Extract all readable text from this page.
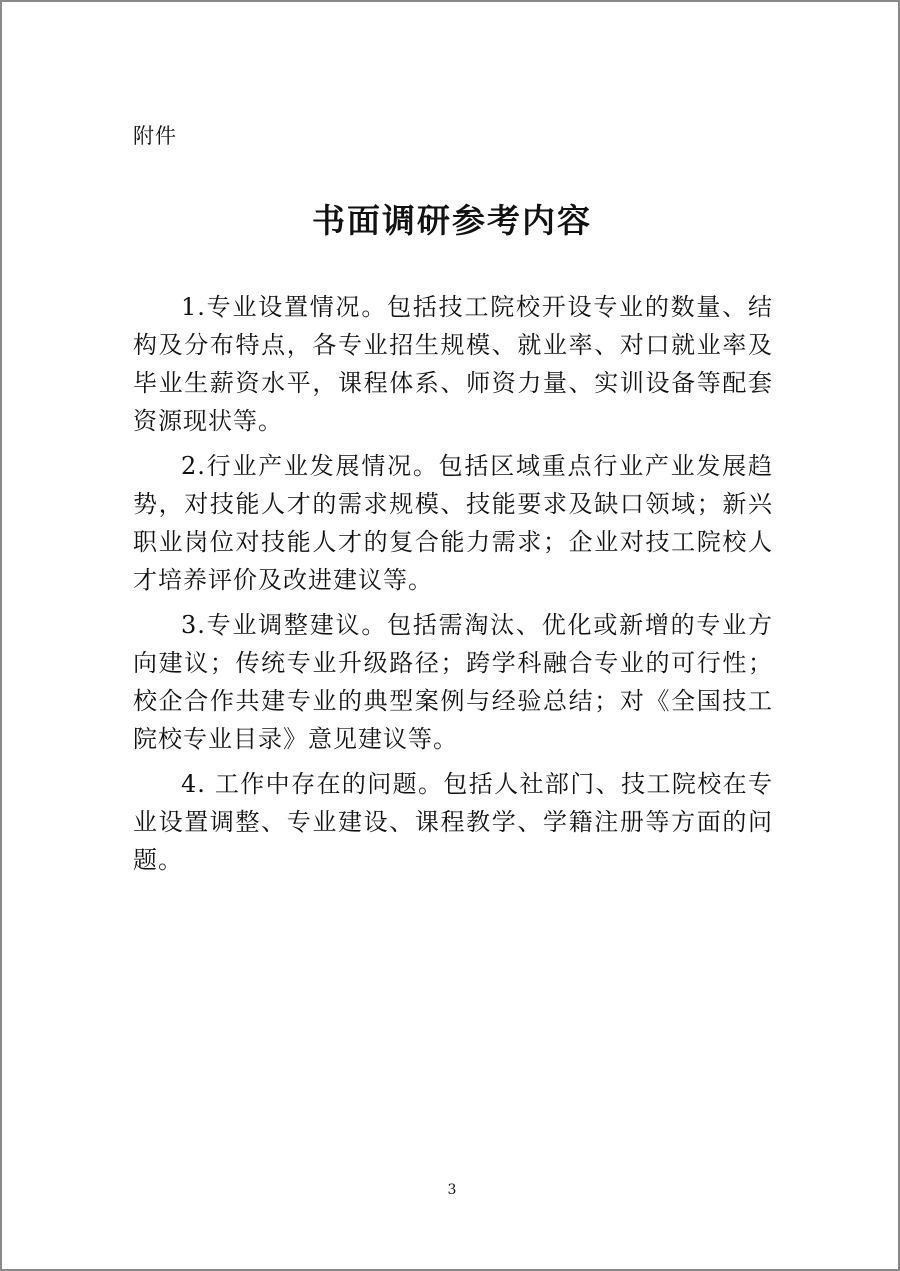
附件
书面调研参考内容

1.专业设置情况。包括技工院校开设专业的数量、结构及分布特点，各专业招生规模、就业率、对口就业率及毕业生薪资水平，课程体系、师资力量、实训设备等配套资源现状等。

2.行业产业发展情况。包括区域重点行业产业发展趋势，对技能人才的需求规模、技能要求及缺口领域；新兴职业岗位对技能人才的复合能力需求；企业对技工院校人才培养评价及改进建议等。

3.专业调整建议。包括需淘汰、优化或新增的专业方向建议；传统专业升级路径；跨学科融合专业的可行性；校企合作共建专业的典型案例与经验总结；对《全国技工院校专业目录》意见建议等。

4. 工作中存在的问题。包括人社部门、技工院校在专业设置调整、专业建设、课程教学、学籍注册等方面的问题。

3
